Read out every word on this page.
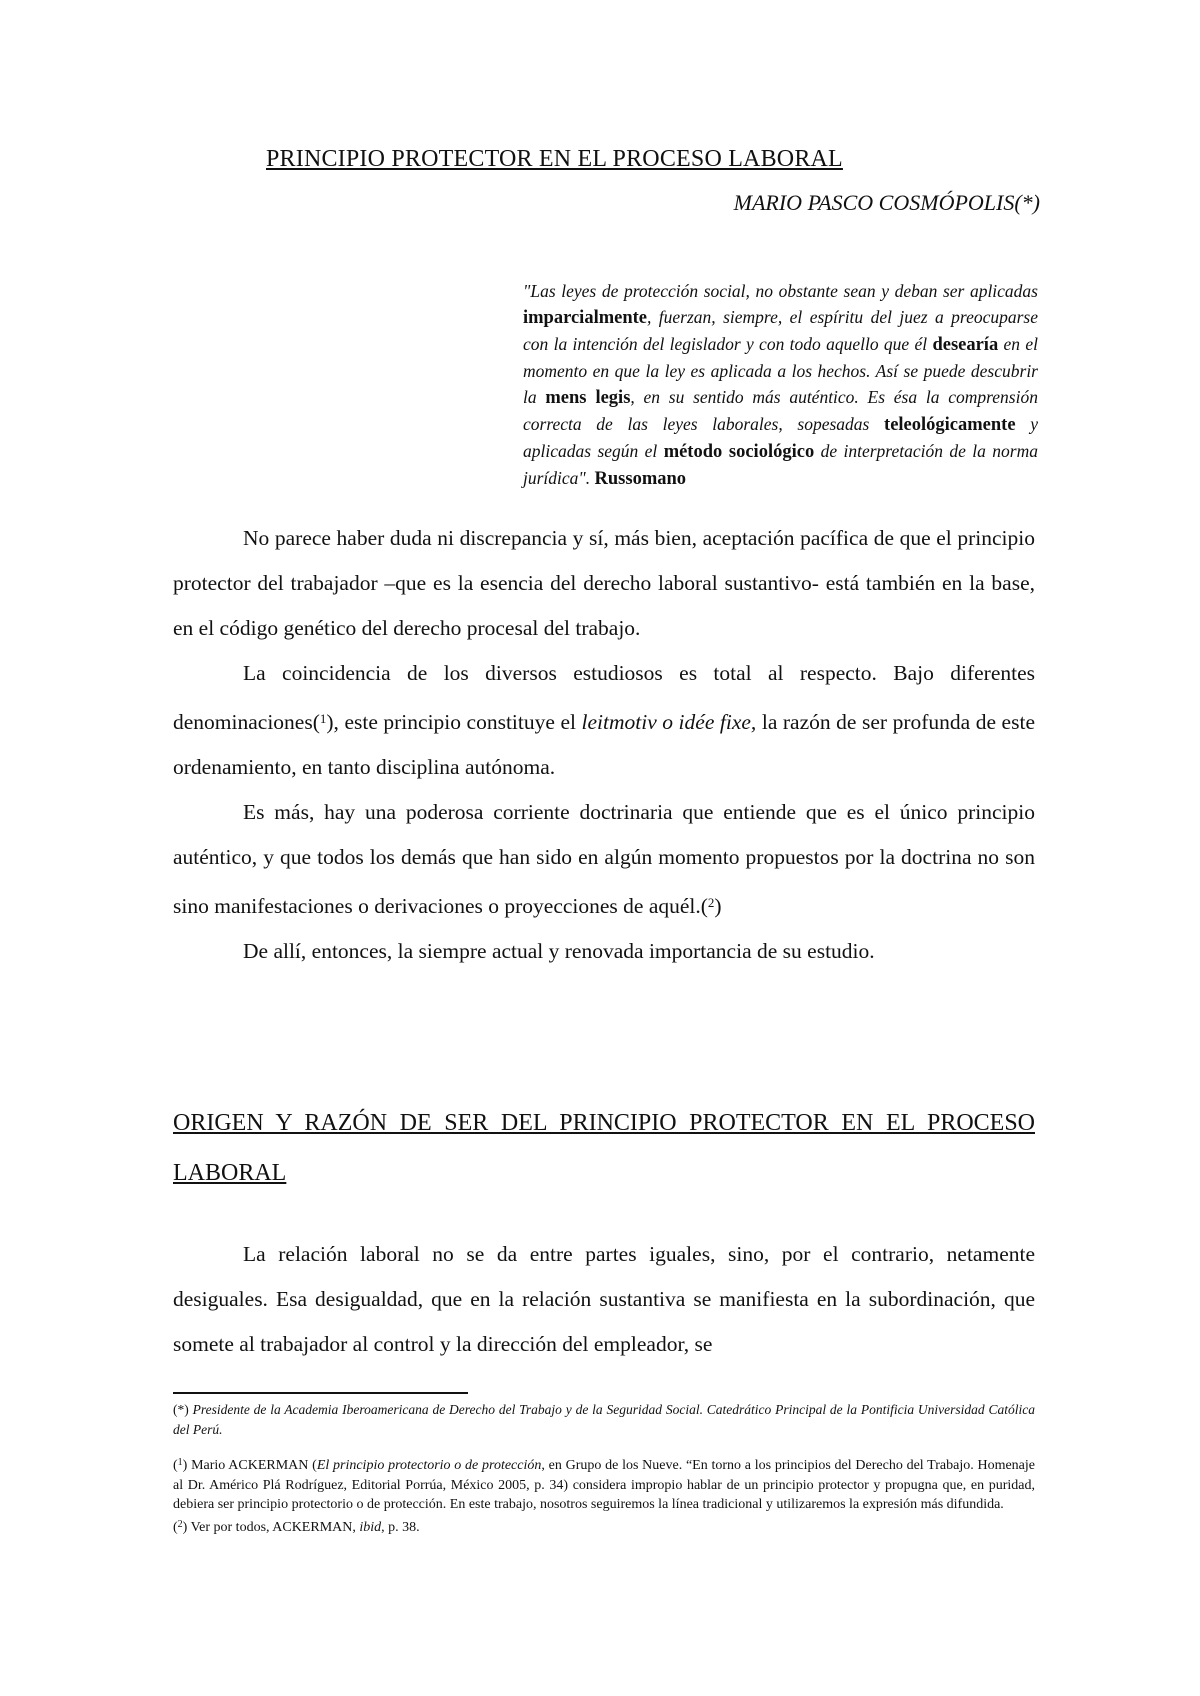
PRINCIPIO PROTECTOR EN EL PROCESO LABORAL
MARIO PASCO COSMÓPOLIS(*)
"Las leyes de protección social, no obstante sean y deban ser aplicadas imparcialmente, fuerzan, siempre, el espíritu del juez a preocuparse con la intención del legislador y con todo aquello que él desearía en el momento en que la ley es aplicada a los hechos. Así se puede descubrir la mens legis, en su sentido más auténtico. Es ésa la comprensión correcta de las leyes laborales, sopesadas teleológicamente y aplicadas según el método sociológico de interpretación de la norma jurídica". Russomano

No parece haber duda ni discrepancia y sí, más bien, aceptación pacífica de que el principio protector del trabajador –que es la esencia del derecho laboral sustantivo- está también en la base, en el código genético del derecho procesal del trabajo.

La coincidencia de los diversos estudiosos es total al respecto. Bajo diferentes denominaciones($^1$), este principio constituye el leitmotiv o idée fixe, la razón de ser profunda de este ordenamiento, en tanto disciplina autónoma.

Es más, hay una poderosa corriente doctrinaria que entiende que es el único principio auténtico, y que todos los demás que han sido en algún momento propuestos por la doctrina no son sino manifestaciones o derivaciones o proyecciones de aquél.($^2$)

De allí, entonces, la siempre actual y renovada importancia de su estudio.

ORIGEN Y RAZÓN DE SER DEL PRINCIPIO PROTECTOR EN EL PROCESO LABORAL

La relación laboral no se da entre partes iguales, sino, por el contrario, netamente desiguales. Esa desigualdad, que en la relación sustantiva se manifiesta en la subordinación, que somete al trabajador al control y la dirección del empleador, se

(*) Presidente de la Academia Iberoamericana de Derecho del Trabajo y de la Seguridad Social. Catedrático Principal de la Pontificia Universidad Católica del Perú.

($^1$) Mario ACKERMAN (El principio protectorio o de protección, en Grupo de los Nueve. “En torno a los principios del Derecho del Trabajo. Homenaje al Dr. Américo Plá Rodríguez, Editorial Porrúa, México 2005, p. 34) considera impropio hablar de un principio protector y propugna que, en puridad, debiera ser principio protectorio o de protección. En este trabajo, nosotros seguiremos la línea tradicional y utilizaremos la expresión más difundida.

($^2$) Ver por todos, ACKERMAN, ibid, p. 38.
